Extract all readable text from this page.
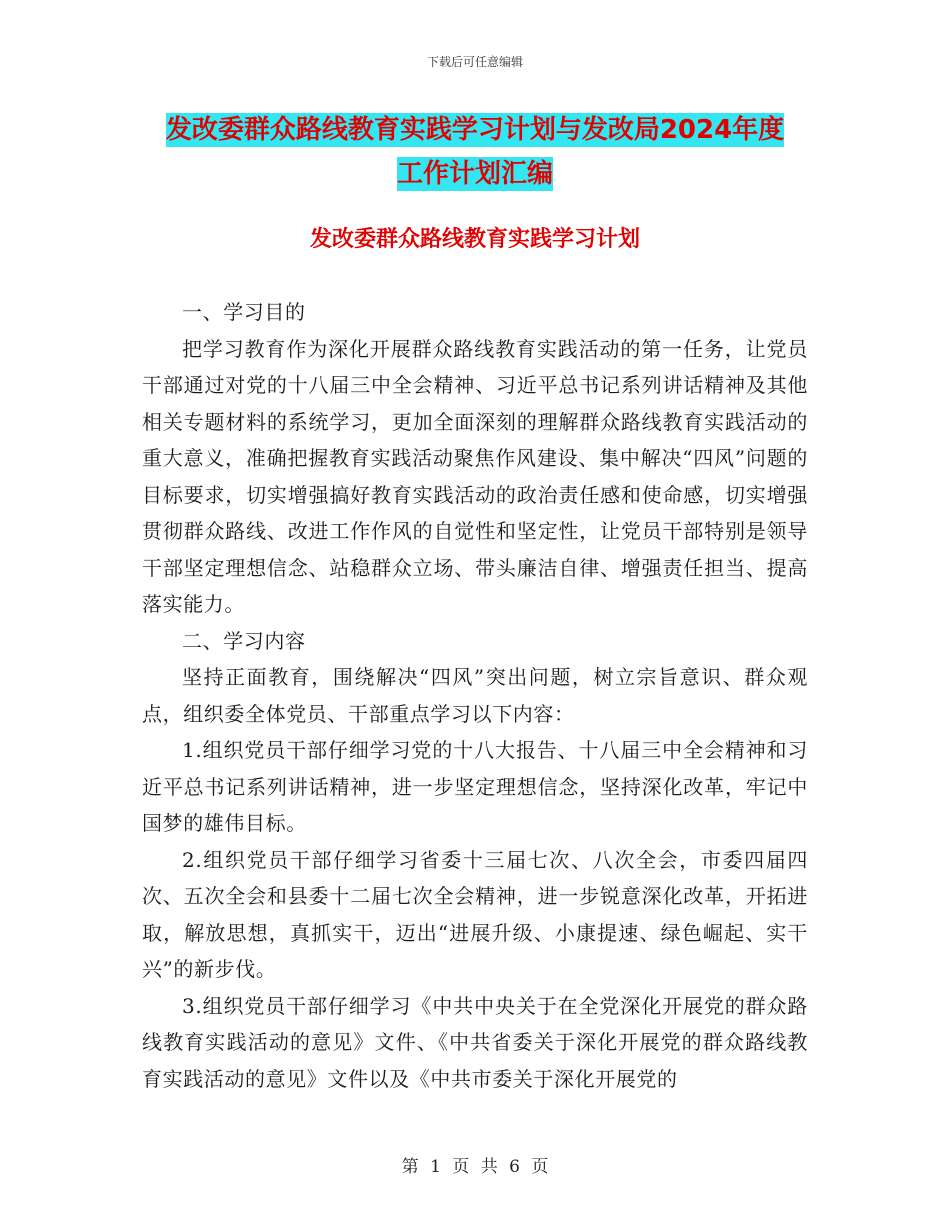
下载后可任意编辑
发改委群众路线教育实践学习计划与发改局2024年度
工作计划汇编
发改委群众路线教育实践学习计划

一、学习目的

把学习教育作为深化开展群众路线教育实践活动的第一任务，让党员干部通过对党的十八届三中全会精神、习近平总书记系列讲话精神及其他相关专题材料的系统学习，更加全面深刻的理解群众路线教育实践活动的重大意义，准确把握教育实践活动聚焦作风建设、集中解决“四风”问题的目标要求，切实增强搞好教育实践活动的政治责任感和使命感，切实增强贯彻群众路线、改进工作作风的自觉性和坚定性，让党员干部特别是领导干部坚定理想信念、站稳群众立场、带头廉洁自律、增强责任担当、提高落实能力。

二、学习内容

坚持正面教育，围绕解决“四风”突出问题，树立宗旨意识、群众观点，组织委全体党员、干部重点学习以下内容：

1.组织党员干部仔细学习党的十八大报告、十八届三中全会精神和习近平总书记系列讲话精神，进一步坚定理想信念，坚持深化改革，牢记中国梦的雄伟目标。

2.组织党员干部仔细学习省委十三届七次、八次全会，市委四届四次、五次全会和县委十二届七次全会精神，进一步锐意深化改革，开拓进取，解放思想，真抓实干，迈出“进展升级、小康提速、绿色崛起、实干兴”的新步伐。

3.组织党员干部仔细学习《中共中央关于在全党深化开展党的群众路线教育实践活动的意见》文件、《中共省委关于深化开展党的群众路线教育实践活动的意见》文件以及《中共市委关于深化开展党的

第 1 页 共 6 页
